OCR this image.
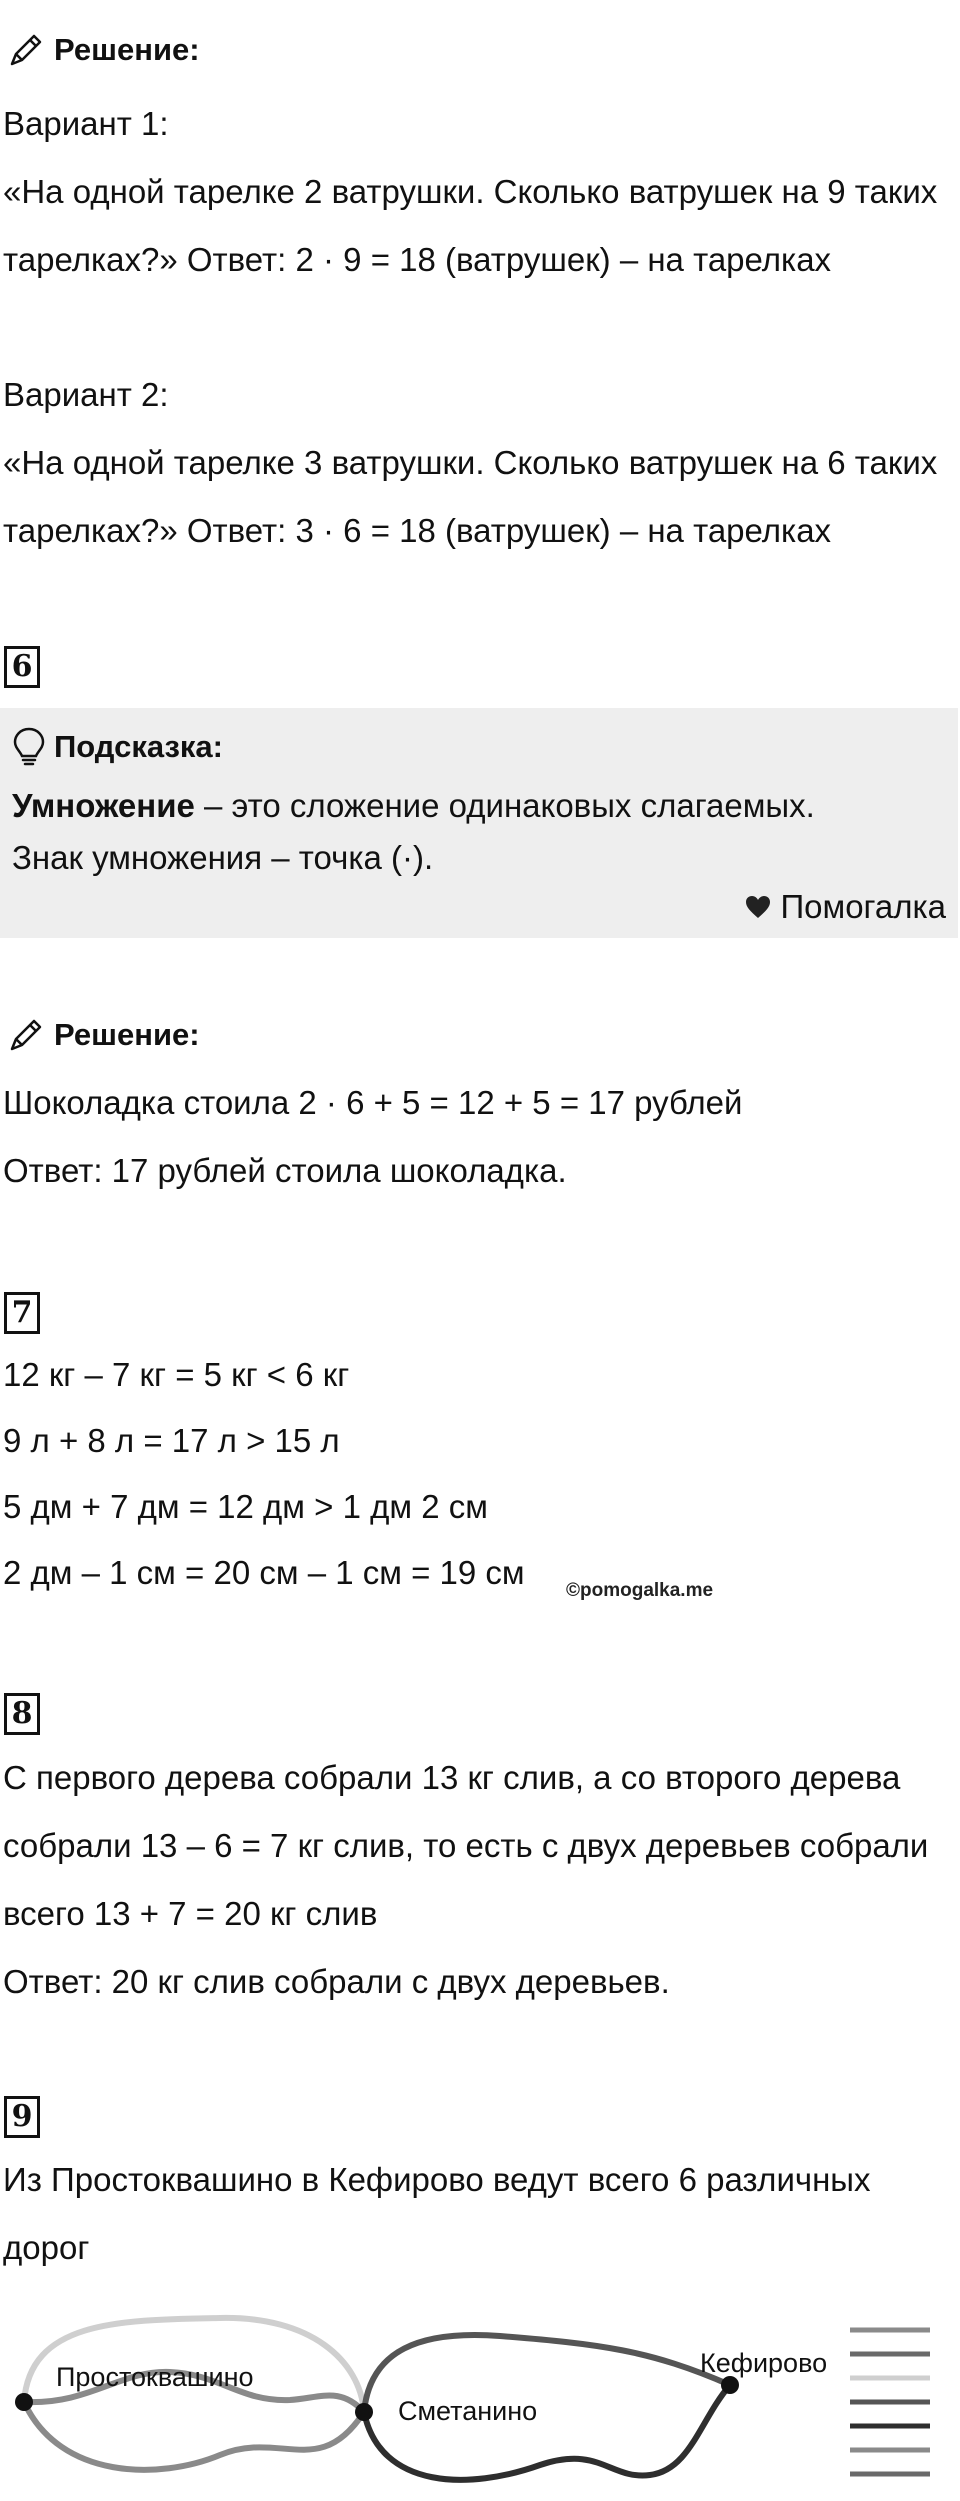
Решение:
Вариант 1:
«На одной тарелке 2 ватрушки. Сколько ватрушек на 9 таких
тарелках?» Ответ: 2 · 9 = 18 (ватрушек) – на тарелках
Вариант 2:
«На одной тарелке 3 ватрушки. Сколько ватрушек на 6 таких
тарелках?» Ответ: 3 · 6 = 18 (ватрушек) – на тарелках
6
Подсказка:
Умножение – это сложение одинаковых слагаемых.
Знак умножения – точка (·).
Помогалка
Решение:
Шоколадка стоила 2 · 6 + 5 = 12 + 5 = 17 рублей
Ответ: 17 рублей стоила шоколадка.
7
12 кг – 7 кг = 5 кг < 6 кг
9 л + 8 л = 17 л > 15 л
5 дм + 7 дм = 12 дм > 1 дм 2 см
2 дм – 1 см = 20 см – 1 см = 19 см ©pomogalka.me
8
С первого дерева собрали 13 кг слив, а со второго дерева
собрали 13 – 6 = 7 кг слив, то есть с двух деревьев собрали
всего 13 + 7 = 20 кг слив
Ответ: 20 кг слив собрали с двух деревьев.
9
Из Простоквашино в Кефирово ведут всего 6 различных
дорог
Простоквашино
Сметанино
Кефирово
